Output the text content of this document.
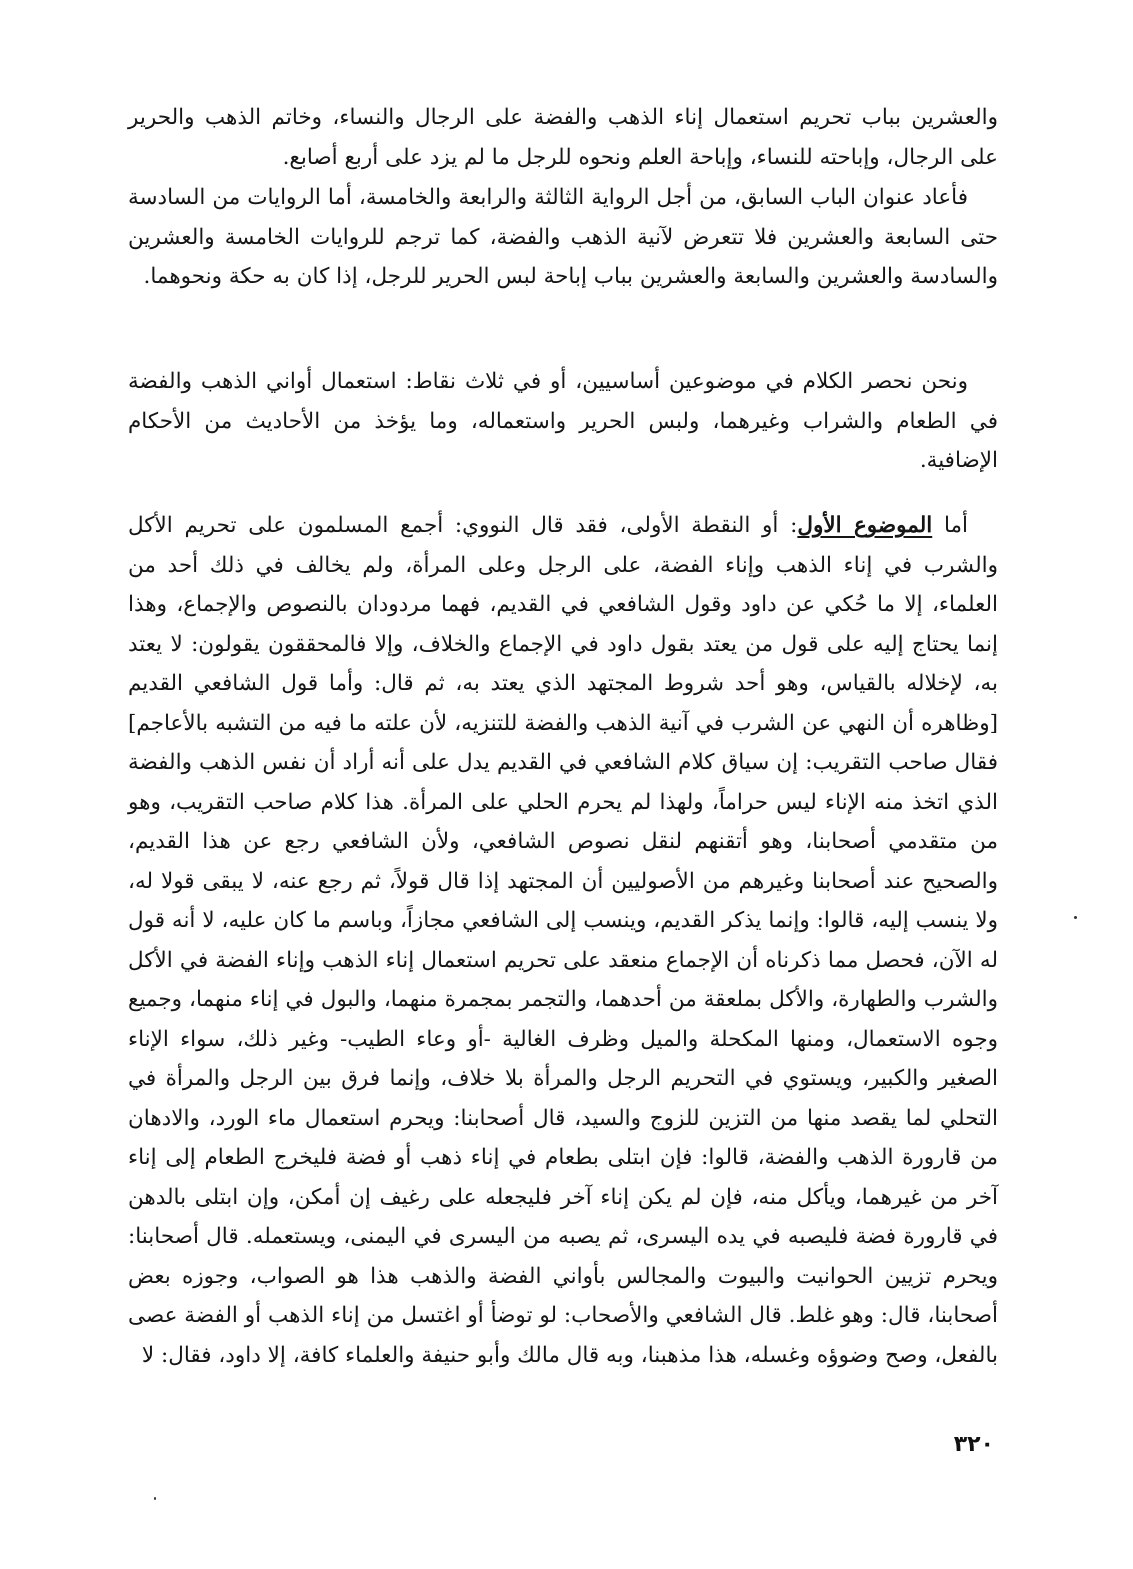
والعشرين بباب تحريم استعمال إناء الذهب والفضة على الرجال والنساء، وخاتم الذهب والحرير على الرجال، وإباحته للنساء، وإباحة العلم ونحوه للرجل ما لم يزد على أربع أصابع.

فأعاد عنوان الباب السابق، من أجل الرواية الثالثة والرابعة والخامسة، أما الروايات من السادسة حتى السابعة والعشرين فلا تتعرض لآنية الذهب والفضة، كما ترجم للروايات الخامسة والعشرين والسادسة والعشرين والسابعة والعشرين بباب إباحة لبس الحرير للرجل، إذا كان به حكة ونحوهما.

ونحن نحصر الكلام في موضوعين أساسيين، أو في ثلاث نقاط: استعمال أواني الذهب والفضة في الطعام والشراب وغيرهما، ولبس الحرير واستعماله، وما يؤخذ من الأحاديث من الأحكام الإضافية.

أما الموضوع الأول: أو النقطة الأولى، فقد قال النووي: أجمع المسلمون على تحريم الأكل والشرب في إناء الذهب وإناء الفضة، على الرجل وعلى المرأة، ولم يخالف في ذلك أحد من العلماء، إلا ما حُكي عن داود وقول الشافعي في القديم، فهما مردودان بالنصوص والإجماع، وهذا إنما يحتاج إليه على قول من يعتد بقول داود في الإجماع والخلاف، وإلا فالمحققون يقولون: لا يعتد به، لإخلاله بالقياس، وهو أحد شروط المجتهد الذي يعتد به، ثم قال: وأما قول الشافعي القديم [وظاهره أن النهي عن الشرب في آنية الذهب والفضة للتنزيه، لأن علته ما فيه من التشبه بالأعاجم] فقال صاحب التقريب: إن سياق كلام الشافعي في القديم يدل على أنه أراد أن نفس الذهب والفضة الذي اتخذ منه الإناء ليس حراماً، ولهذا لم يحرم الحلي على المرأة. هذا كلام صاحب التقريب، وهو من متقدمي أصحابنا، وهو أتقنهم لنقل نصوص الشافعي، ولأن الشافعي رجع عن هذا القديم، والصحيح عند أصحابنا وغيرهم من الأصوليين أن المجتهد إذا قال قولاً، ثم رجع عنه، لا يبقى قولا له، ولا ينسب إليه، قالوا: وإنما يذكر القديم، وينسب إلى الشافعي مجازاً، وباسم ما كان عليه، لا أنه قول له الآن، فحصل مما ذكرناه أن الإجماع منعقد على تحريم استعمال إناء الذهب وإناء الفضة في الأكل والشرب والطهارة، والأكل بملعقة من أحدهما، والتجمر بمجمرة منهما، والبول في إناء منهما، وجميع وجوه الاستعمال، ومنها المكحلة والميل وظرف الغالية -أو وعاء الطيب- وغير ذلك، سواء الإناء الصغير والكبير، ويستوي في التحريم الرجل والمرأة بلا خلاف، وإنما فرق بين الرجل والمرأة في التحلي لما يقصد منها من التزين للزوج والسيد، قال أصحابنا: ويحرم استعمال ماء الورد، والادهان من قارورة الذهب والفضة، قالوا: فإن ابتلى بطعام في إناء ذهب أو فضة فليخرج الطعام إلى إناء آخر من غيرهما، ويأكل منه، فإن لم يكن إناء آخر فليجعله على رغيف إن أمكن، وإن ابتلى بالدهن في قارورة فضة فليصبه في يده اليسرى، ثم يصبه من اليسرى في اليمنى، ويستعمله. قال أصحابنا: ويحرم تزيين الحوانيت والبيوت والمجالس بأواني الفضة والذهب هذا هو الصواب، وجوزه بعض أصحابنا، قال: وهو غلط. قال الشافعي والأصحاب: لو توضأ أو اغتسل من إناء الذهب أو الفضة عصى بالفعل، وصح وضوؤه وغسله، هذا مذهبنا، وبه قال مالك وأبو حنيفة والعلماء كافة، إلا داود، فقال: لا

٣٢٠
